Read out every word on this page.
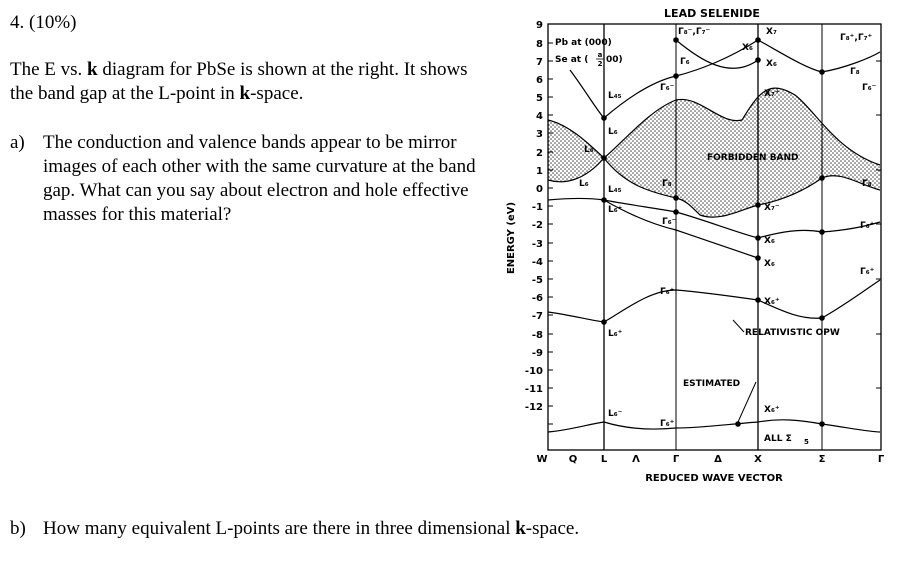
4. (10%)
The E vs. k diagram for PbSe is shown at the right. It shows the band gap at the L-point in k-space.
a) The conduction and valence bands appear to be mirror images of each other with the same curvature at the band gap. What can you say about electron and hole effective masses for this material?
b) How many equivalent L-points are there in three dimensional k-space.
9
8
7
6
5
4
3
2
1
0
-1
-2
-3
-4
-5
-6
-7
-8
-9
-10
-11
-12
ENERGY (eV)
W Q L Λ	Γ	Δ	X	Σ	Γ
REDUCED WAVE VECTOR
LEAD SELENIDE
Pb at (000)
Se at ( a
2 00)
FORBIDDEN BAND
RELATIVISTIC OPW
ESTIMATED
ALL Σ 5
Γ₈⁻,Γ₇⁻	X₇
X₆
Γ₈⁺,Γ₇⁺
Γ₆
Γ₆⁻
L₄₅
L₆
L₆
L₆
L₄₅
Γ₈
Γ₆⁻
L₆⁺
X₆
X₇⁺
X₇⁻
X₆
X₆
Γ₆⁺
L₆⁺
X₆⁺
Γ₈
Γ₆⁻
Γ₆⁺
Γ₆⁺
Γ₈
L₆⁻
Γ₆⁺
X₆⁺
